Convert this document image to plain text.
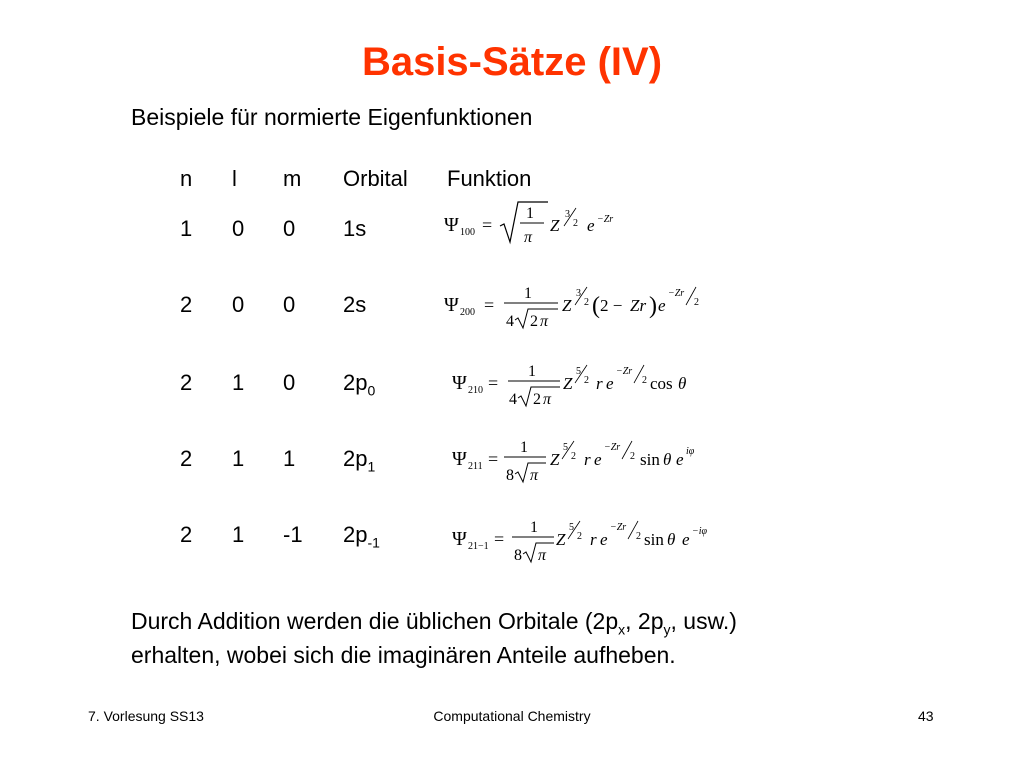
Basis-Sätze (IV)
Beispiele für normierte Eigenfunktionen
n l m Orbital Funktion
1 0 0 1s
2 0 0 2s
2 1 0 $2p_0$
2 1 1 $2p_1$
2 1 -1 $2p_{-1}$
Ψ 100 =
1
π
Z
3
2 e −Zr
Ψ 200 =
1
4 2 π
Z
3
2 ( 2 − Zr ) e
−Zr
2
Ψ 210 =
1
4 2 π
Z
5
2 r e
−Zr
2 cos θ
Ψ 211 =
1
8 π
Z
5
2 r e
−Zr
2 sin θ e iφ
Ψ 21−1 =
1
8 π
Z
5
2 r e
−Zr
2 sin θ e −iφ
Durch Addition werden die üblichen Orbitale ($2p_x$, $2p_y$, usw.)
erhalten, wobei sich die imaginären Anteile aufheben.
7. Vorlesung SS13	Computational Chemistry	43
